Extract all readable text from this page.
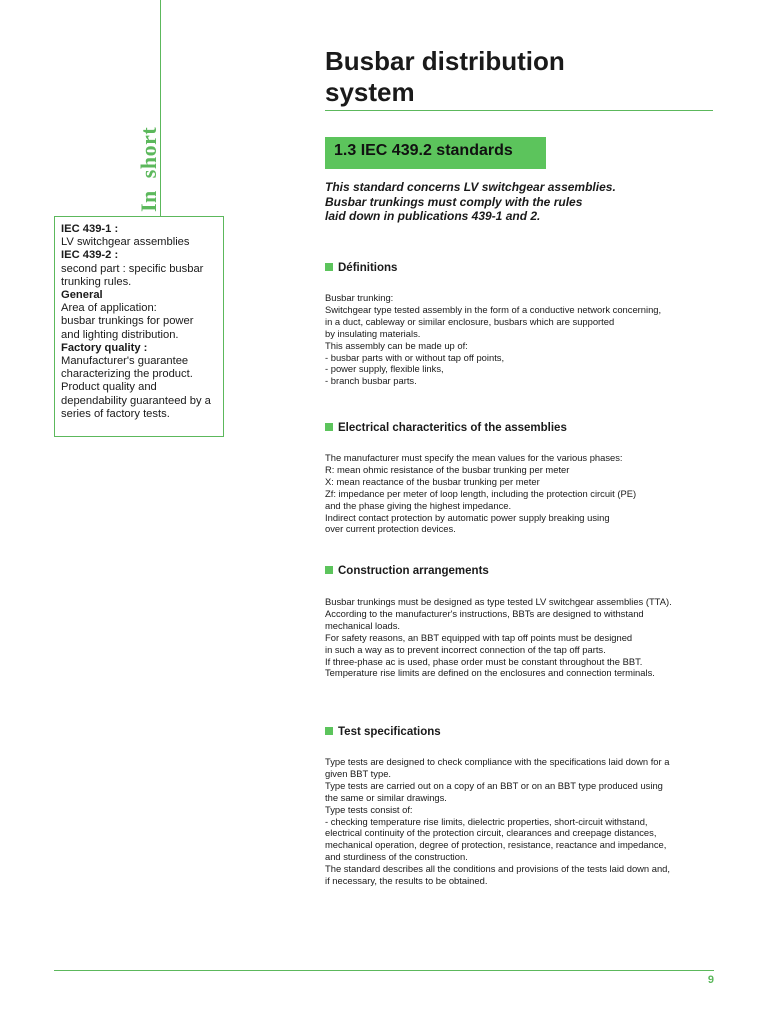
In  short
IEC 439-1 :
LV switchgear assemblies
IEC 439-2 :
second part : specific busbar
trunking rules.
General
Area of application:
busbar trunkings for power
and lighting distribution.
Factory quality :
Manufacturer's guarantee
characterizing the product.
Product quality and
dependability guaranteed by a
series of factory tests.
Busbar distribution
system
1.3 IEC 439.2 standards
This standard concerns LV switchgear assemblies.
Busbar trunkings must comply with the rules
laid down in publications 439-1 and 2.
Définitions
Busbar trunking:
Switchgear type tested assembly in the form of a conductive network concerning,
in a duct, cableway or similar enclosure, busbars which are supported
by insulating materials.
This assembly can be made up of:
- busbar parts with or without tap off points,
- power supply, flexible links,
- branch busbar parts.
Electrical characteritics of the assemblies
The manufacturer must specify the mean values for the various phases:
R: mean ohmic resistance of the busbar trunking per meter
X: mean reactance of the busbar trunking per meter
Zf: impedance per meter of loop length, including the protection circuit (PE)
and the phase giving the highest impedance.
Indirect contact protection by automatic power supply breaking using
over current protection devices.
Construction arrangements
Busbar trunkings must be designed as type tested LV switchgear assemblies (TTA).
According to the manufacturer's instructions, BBTs are designed to withstand
mechanical loads.
For safety reasons, an BBT equipped with tap off points must be designed
in such a way as to prevent incorrect connection of the tap off parts.
If three-phase ac is used, phase order must be constant throughout the BBT.
Temperature rise limits are defined on the enclosures and connection terminals.
Test specifications
Type tests are designed to check compliance with the specifications laid down for a
given BBT type.
Type tests are carried out on a copy of an BBT or on an BBT type produced using
the same or similar drawings.
Type tests consist of:
- checking temperature rise limits, dielectric properties, short-circuit withstand,
electrical continuity of the protection circuit, clearances and creepage distances,
mechanical operation, degree of protection, resistance, reactance and impedance,
and sturdiness of the construction.
The standard describes all the conditions and provisions of the tests laid down and,
if necessary, the results to be obtained.
9
